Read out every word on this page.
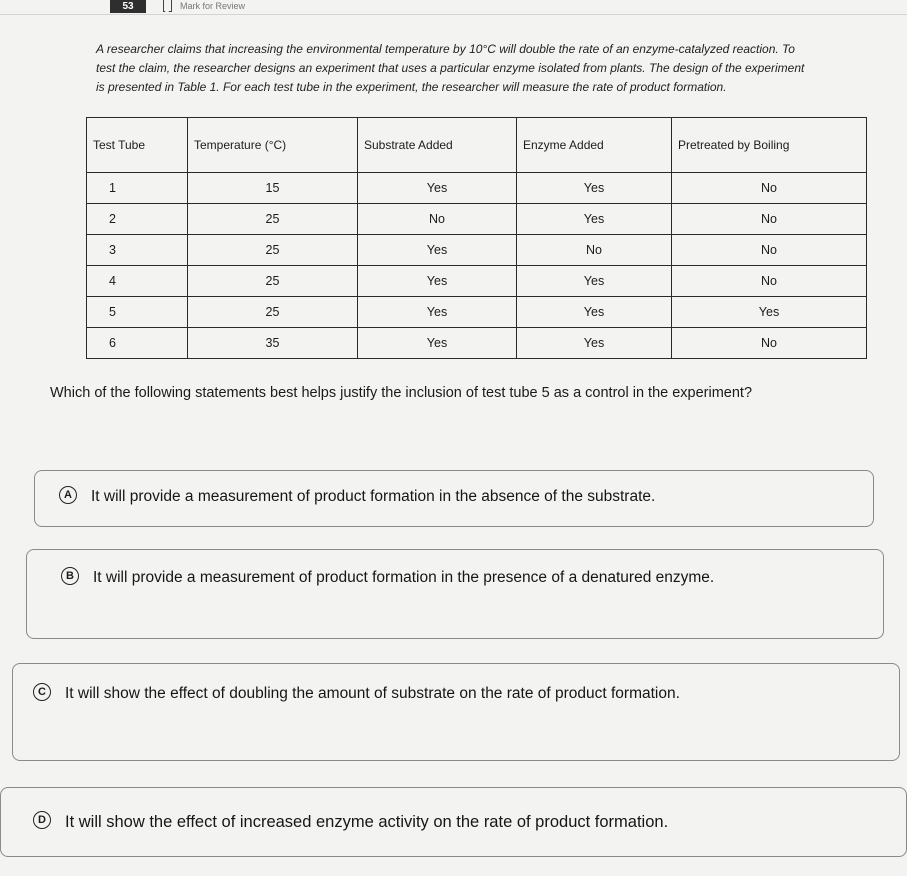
53	Mark for Review
A researcher claims that increasing the environmental temperature by 10°C will double the rate of an enzyme-catalyzed reaction. To test the claim, the researcher designs an experiment that uses a particular enzyme isolated from plants. The design of the experiment is presented in Table 1. For each test tube in the experiment, the researcher will measure the rate of product formation.
Test Tube	Temperature (°C)	Substrate Added	Enzyme Added	Pretreated by Boiling
1	15	Yes	Yes	No
2	25	No	Yes	No
3	25	Yes	No	No
4	25	Yes	Yes	No
5	25	Yes	Yes	Yes
6	35	Yes	Yes	No
Which of the following statements best helps justify the inclusion of test tube 5 as a control in the experiment?
A	It will provide a measurement of product formation in the absence of the substrate.
B	It will provide a measurement of product formation in the presence of a denatured enzyme.
C	It will show the effect of doubling the amount of substrate on the rate of product formation.
D	It will show the effect of increased enzyme activity on the rate of product formation.
